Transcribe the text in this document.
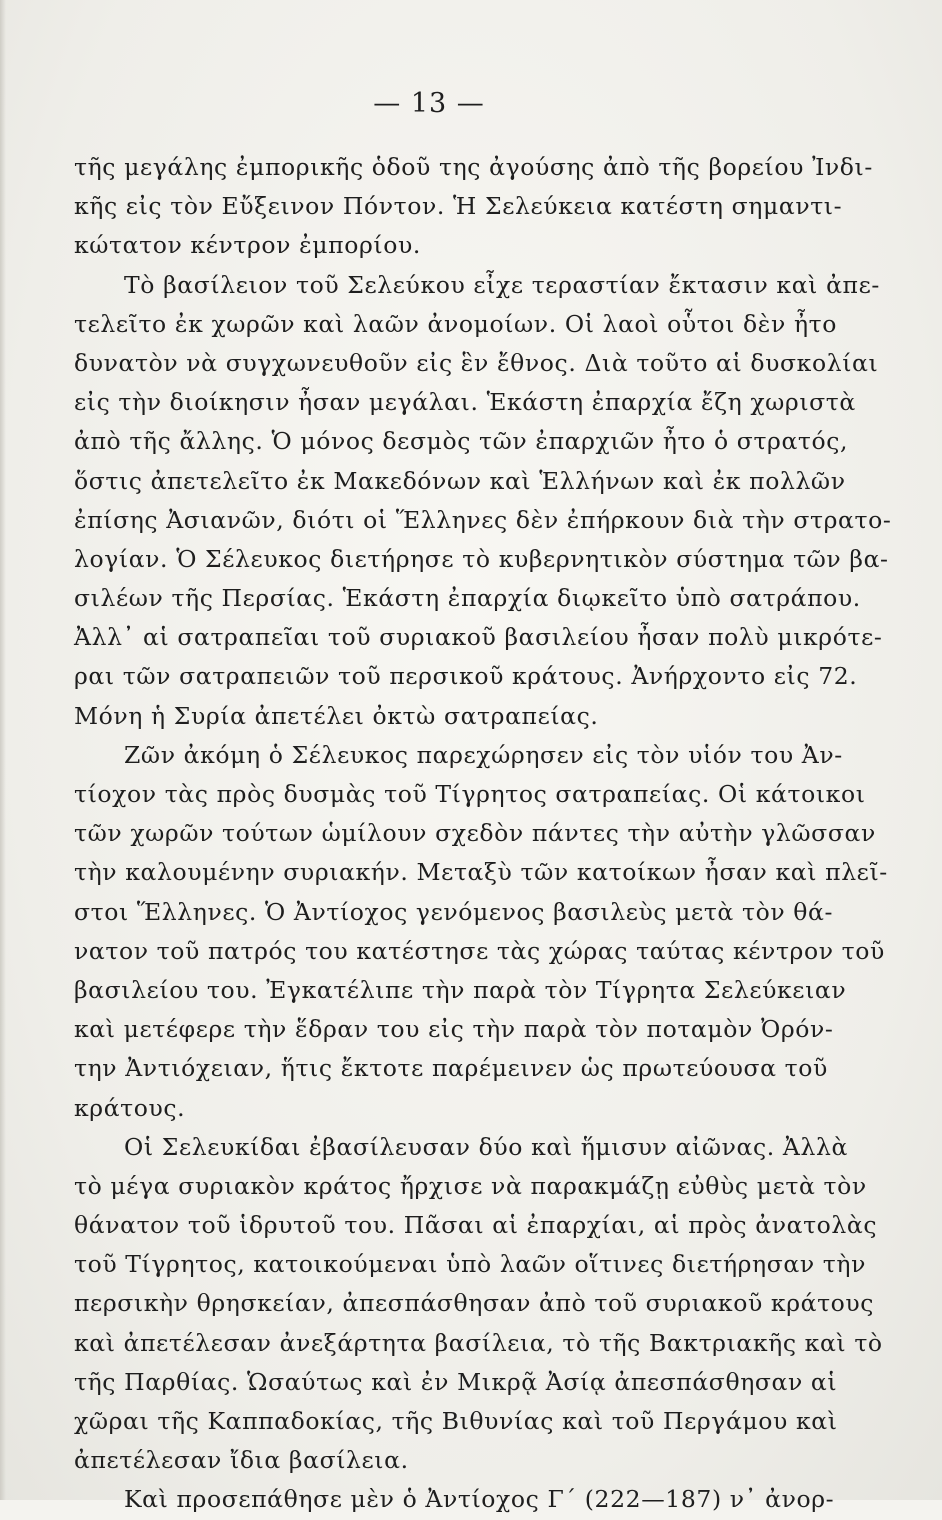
— 13 —
τῆς μεγάλης ἐμπορικῆς ὁδοῦ της ἀγούσης ἀπὸ τῆς βορείου Ἰνδι-
κῆς εἰς τὸν Εὔξεινον Πόντον. Ἡ Σελεύκεια κατέστη σημαντι-
κώτατον κέντρον ἐμπορίου.
Τὸ βασίλειον τοῦ Σελεύκου εἶχε τεραστίαν ἔκτασιν καὶ ἀπε-
τελεῖτο ἐκ χωρῶν καὶ λαῶν ἀνομοίων. Οἱ λαοὶ οὗτοι δὲν ἦτο
δυνατὸν νὰ συγχωνευθοῦν εἰς ἓν ἔθνος. Διὰ τοῦτο αἱ δυσκολίαι
εἰς τὴν διοίκησιν ἦσαν μεγάλαι. Ἑκάστη ἐπαρχία ἔζη χωριστὰ
ἀπὸ τῆς ἄλλης. Ὁ μόνος δεσμὸς τῶν ἐπαρχιῶν ἦτο ὁ στρατός,
ὅστις ἀπετελεῖτο ἐκ Μακεδόνων καὶ Ἑλλήνων καὶ ἐκ πολλῶν
ἐπίσης Ἀσιανῶν, διότι οἱ Ἕλληνες δὲν ἐπήρκουν διὰ τὴν στρατο-
λογίαν. Ὁ Σέλευκος διετήρησε τὸ κυβερνητικὸν σύστημα τῶν βα-
σιλέων τῆς Περσίας. Ἑκάστη ἐπαρχία διῳκεῖτο ὑπὸ σατράπου.
Ἀλλ᾽ αἱ σατραπεῖαι τοῦ συριακοῦ βασιλείου ἦσαν πολὺ μικρότε-
ραι τῶν σατραπειῶν τοῦ περσικοῦ κράτους. Ἀνήρχοντο εἰς 72.
Μόνη ἡ Συρία ἀπετέλει ὀκτὼ σατραπείας.
Ζῶν ἀκόμη ὁ Σέλευκος παρεχώρησεν εἰς τὸν υἱόν του Ἀν-
τίοχον τὰς πρὸς δυσμὰς τοῦ Τίγρητος σατραπείας. Οἱ κάτοικοι
τῶν χωρῶν τούτων ὡμίλουν σχεδὸν πάντες τὴν αὐτὴν γλῶσσαν
τὴν καλουμένην συριακήν. Μεταξὺ τῶν κατοίκων ἦσαν καὶ πλεῖ-
στοι Ἕλληνες. Ὁ Ἀντίοχος γενόμενος βασιλεὺς μετὰ τὸν θά-
νατον τοῦ πατρός του κατέστησε τὰς χώρας ταύτας κέντρον τοῦ
βασιλείου του. Ἐγκατέλιπε τὴν παρὰ τὸν Τίγρητα Σελεύκειαν
καὶ μετέφερε τὴν ἕδραν του εἰς τὴν παρὰ τὸν ποταμὸν Ὀρόν-
την Ἀντιόχειαν, ἥτις ἔκτοτε παρέμεινεν ὡς πρωτεύουσα τοῦ
κράτους.
Οἱ Σελευκίδαι ἐβασίλευσαν δύο καὶ ἥμισυν αἰῶνας. Ἀλλὰ
τὸ μέγα συριακὸν κράτος ἤρχισε νὰ παρακμάζῃ εὐθὺς μετὰ τὸν
θάνατον τοῦ ἱδρυτοῦ του. Πᾶσαι αἱ ἐπαρχίαι, αἱ πρὸς ἀνατολὰς
τοῦ Τίγρητος, κατοικούμεναι ὑπὸ λαῶν οἵτινες διετήρησαν τὴν
περσικὴν θρησκείαν, ἀπεσπάσθησαν ἀπὸ τοῦ συριακοῦ κράτους
καὶ ἀπετέλεσαν ἀνεξάρτητα βασίλεια, τὸ τῆς Βακτριακῆς καὶ τὸ
τῆς Παρθίας. Ὡσαύτως καὶ ἐν Μικρᾷ Ἀσίᾳ ἀπεσπάσθησαν αἱ
χῶραι τῆς Καππαδοκίας, τῆς Βιθυνίας καὶ τοῦ Περγάμου καὶ
ἀπετέλεσαν ἴδια βασίλεια.
Καὶ προσεπάθησε μὲν ὁ Ἀντίοχος Γ΄ (222—187) ν᾽ ἀνορ-
